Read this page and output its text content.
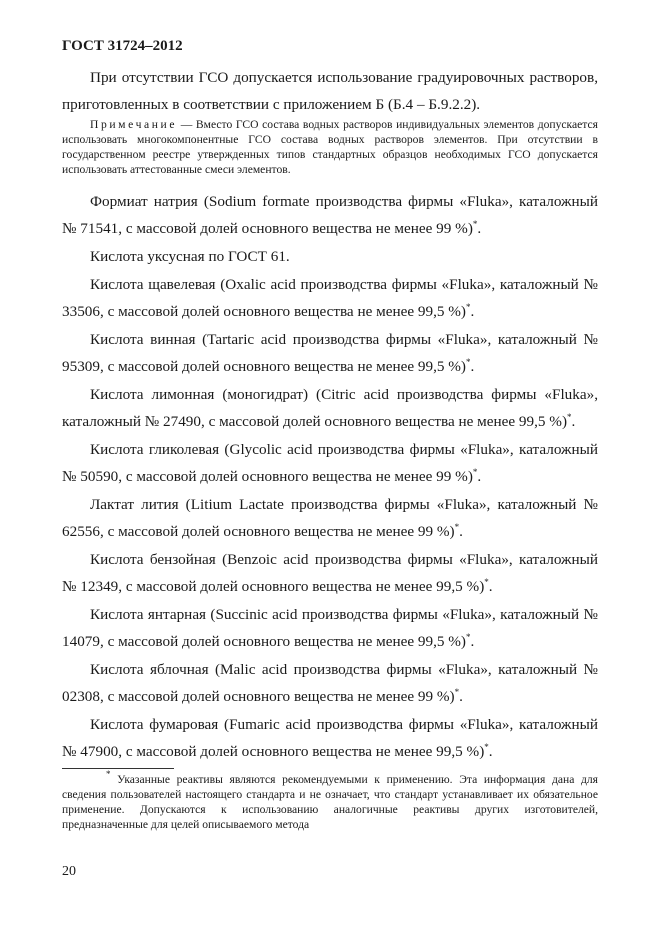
ГОСТ 31724–2012

При отсутствии ГСО допускается использование градуировочных растворов, приготовленных в соответствии с приложением Б (Б.4 – Б.9.2.2).

Примечание — Вместо ГСО состава водных растворов индивидуальных элементов допускается использовать многокомпонентные ГСО состава водных растворов элементов. При отсутствии в государственном реестре утвержденных типов стандартных образцов необходимых ГСО допускается использовать аттестованные смеси элементов.

Формиат натрия (Sodium formate производства фирмы «Fluka», каталожный № 71541, с массовой долей основного вещества не менее 99 %)*.

Кислота уксусная по ГОСТ 61.

Кислота щавелевая (Oxalic acid производства фирмы «Fluka», каталожный № 33506, с массовой долей основного вещества не менее 99,5 %)*.

Кислота винная (Tartaric acid производства фирмы «Fluka», каталожный № 95309, с массовой долей основного вещества не менее 99,5 %)*.

Кислота лимонная (моногидрат) (Citric acid производства фирмы «Fluka», каталожный № 27490, с массовой долей основного вещества не менее 99,5 %)*.

Кислота гликолевая (Glycolic acid производства фирмы «Fluka», каталожный № 50590, с массовой долей основного вещества не менее 99 %)*.

Лактат лития (Litium Lactate производства фирмы «Fluka», каталожный № 62556, с массовой долей основного вещества не менее 99 %)*.

Кислота бензойная (Benzoic acid производства фирмы «Fluka», каталожный № 12349, с массовой долей основного вещества не менее 99,5 %)*.

Кислота янтарная (Succinic acid производства фирмы «Fluka», каталожный № 14079, с массовой долей основного вещества не менее 99,5 %)*.

Кислота яблочная (Malic acid производства фирмы «Fluka», каталожный № 02308, с массовой долей основного вещества не менее 99 %)*.

Кислота фумаровая (Fumaric acid производства фирмы «Fluka», каталожный № 47900, с массовой долей основного вещества не менее 99,5 %)*.

* Указанные реактивы являются рекомендуемыми к применению. Эта информация дана для сведения пользователей настоящего стандарта и не означает, что стандарт устанавливает их обязательное применение. Допускаются к использованию аналогичные реактивы других изготовителей, предназначенные для целей описываемого метода

20
